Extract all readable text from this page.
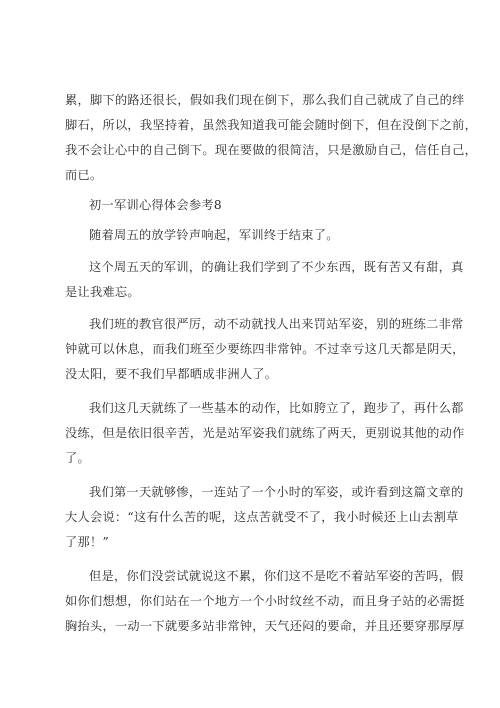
累，脚下的路还很长，假如我们现在倒下，那么我们自己就成了自己的绊
脚石，所以，我坚持着，虽然我知道我可能会随时倒下，但在没倒下之前，
我不会让心中的自己倒下。现在要做的很简洁，只是激励自己，信任自己，
而已。
初一军训心得体会参考8
随着周五的放学铃声响起，军训终于结束了。
这个周五天的军训，的确让我们学到了不少东西，既有苦又有甜，真
是让我难忘。
我们班的教官很严厉，动不动就找人出来罚站军姿，别的班练二非常
钟就可以休息，而我们班至少要练四非常钟。不过幸亏这几天都是阴天，
没太阳，要不我们早都晒成非洲人了。
我们这几天就练了一些基本的动作，比如胯立了，跑步了，再什么都
没练，但是依旧很辛苦，光是站军姿我们就练了两天，更别说其他的动作
了。
我们第一天就够惨，一连站了一个小时的军姿，或许看到这篇文章的
大人会说：“这有什么苦的呢，这点苦就受不了，我小时候还上山去割草
了那！”
但是，你们没尝试就说这不累，你们这不是吃不着站军姿的苦吗，假
如你们想想，你们站在一个地方一个小时纹丝不动，而且身子站的必需挺
胸抬头，一动一下就要多站非常钟，天气还闷的要命，并且还要穿那厚厚
